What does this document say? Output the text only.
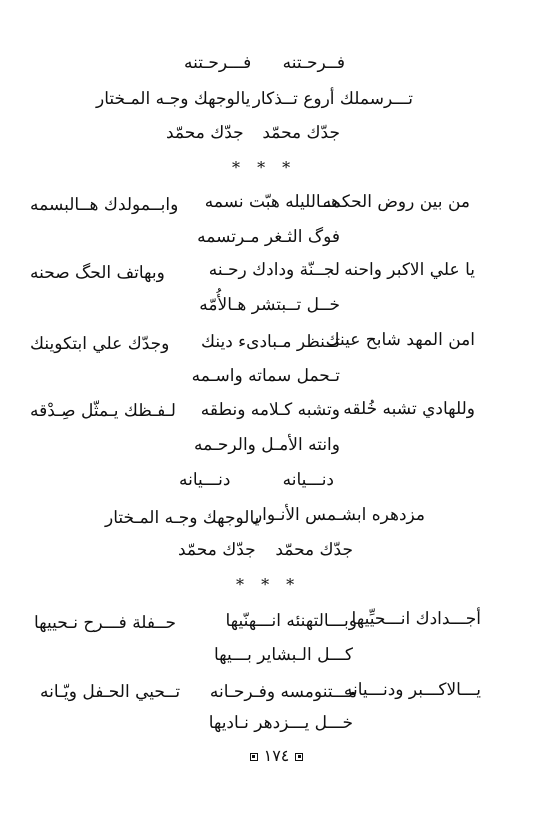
فــرحـتنه
فـــرحـتنه
تـــرسملك أروع تــذكار
يالوجهك وجـه المـختار
جدّك محمّد
جدّك محمّد
* * *
من بين روض الحكمه
هــالليله هبّت نسمه
وابــمولدك هــالبسمه
فوگ الثـغر مـرتسمه
يا علي الاكبر واحنه
لجــنّة ودادك رحـنه
وبهاتف الحگ صحنه
خــل تــبتشر هـالأُمّه
امن المهد شابح عينك
تــنظر مـبادىء دينك
وجدّك علي ابتكوينك
تـحمل سماته واسـمه
وللهادي تشبه خُلقه
وتشبه كـلامه ونطقه
لـفـظك يـمثّل صِـدْقه
وانته الأمـل والرحـمه
دنـــيانه
دنـــيانه
مزدهره ابشـمس الأنـوار
يالوجهك وجـه المـختار
جدّك محمّد
جدّك محمّد
* * *
أجـــدادك انـــحيِّيها
وبـــالتهنئه انـــهنّيها
حــفلة فـــرح نـحييها
كـــل الـبشاير بـــيها
يـــالاكـــبر ودنـــيانه
مـــتنومسه وفـرحـانه
تــحيي الحـفل ويّـانه
خـــل يـــزدهر نـاديها
١٧٤
